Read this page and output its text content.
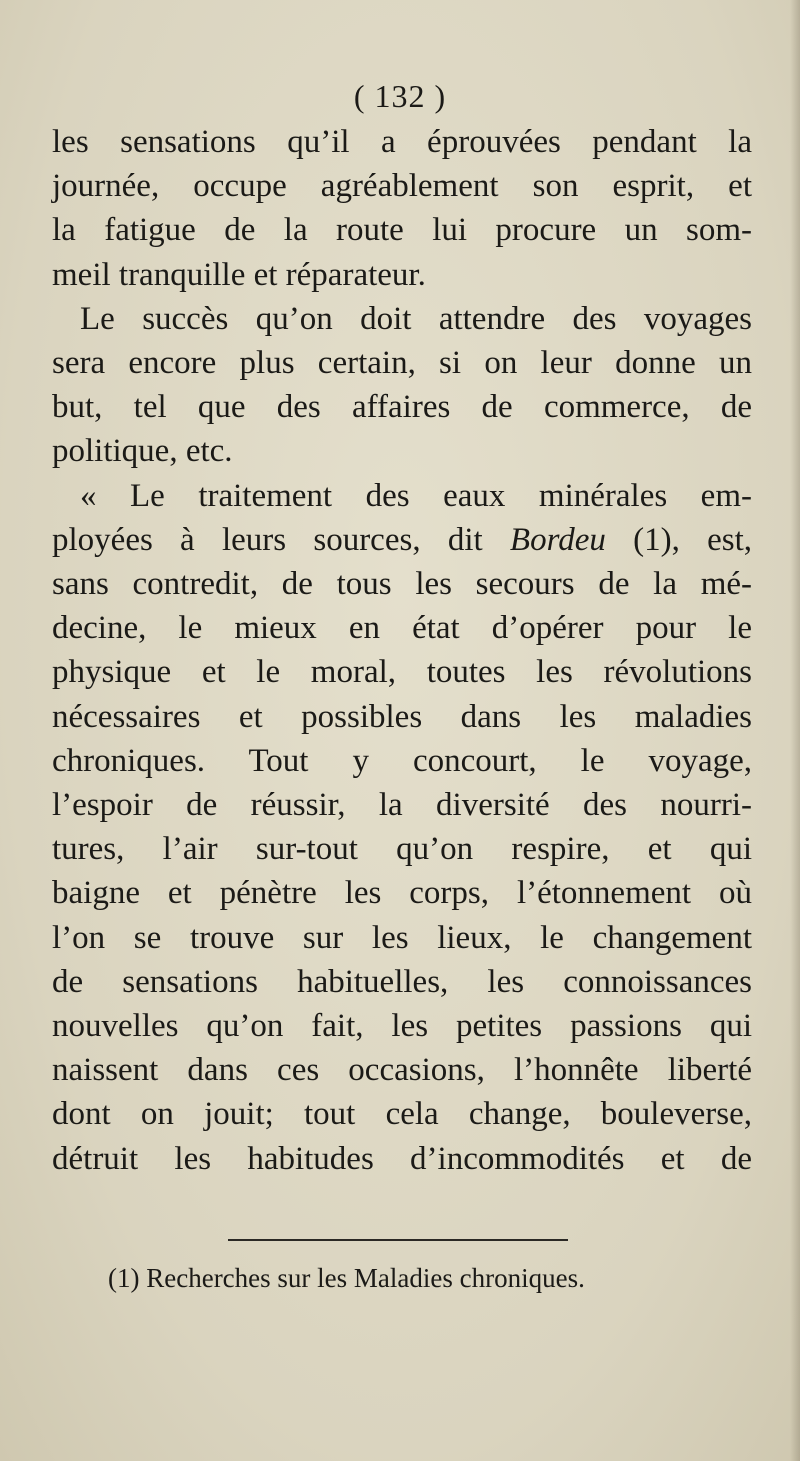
( 132 )
les sensations qu’il a éprouvées pendant la
journée, occupe agréablement son esprit, et
la fatigue de la route lui procure un som-
meil tranquille et réparateur.
Le succès qu’on doit attendre des voyages
sera encore plus certain, si on leur donne un
but, tel que des affaires de commerce, de
politique, etc.
« Le traitement des eaux minérales em-
ployées à leurs sources, dit Bordeu (1), est,
sans contredit, de tous les secours de la mé-
decine, le mieux en état d’opérer pour le
physique et le moral, toutes les révolutions
nécessaires et possibles dans les maladies
chroniques. Tout y concourt, le voyage,
l’espoir de réussir, la diversité des nourri-
tures, l’air sur-tout qu’on respire, et qui
baigne et pénètre les corps, l’étonnement où
l’on se trouve sur les lieux, le changement
de sensations habituelles, les connoissances
nouvelles qu’on fait, les petites passions qui
naissent dans ces occasions, l’honnête liberté
dont on jouit; tout cela change, bouleverse,
détruit les habitudes d’incommodités et de
(1) Recherches sur les Maladies chroniques.
